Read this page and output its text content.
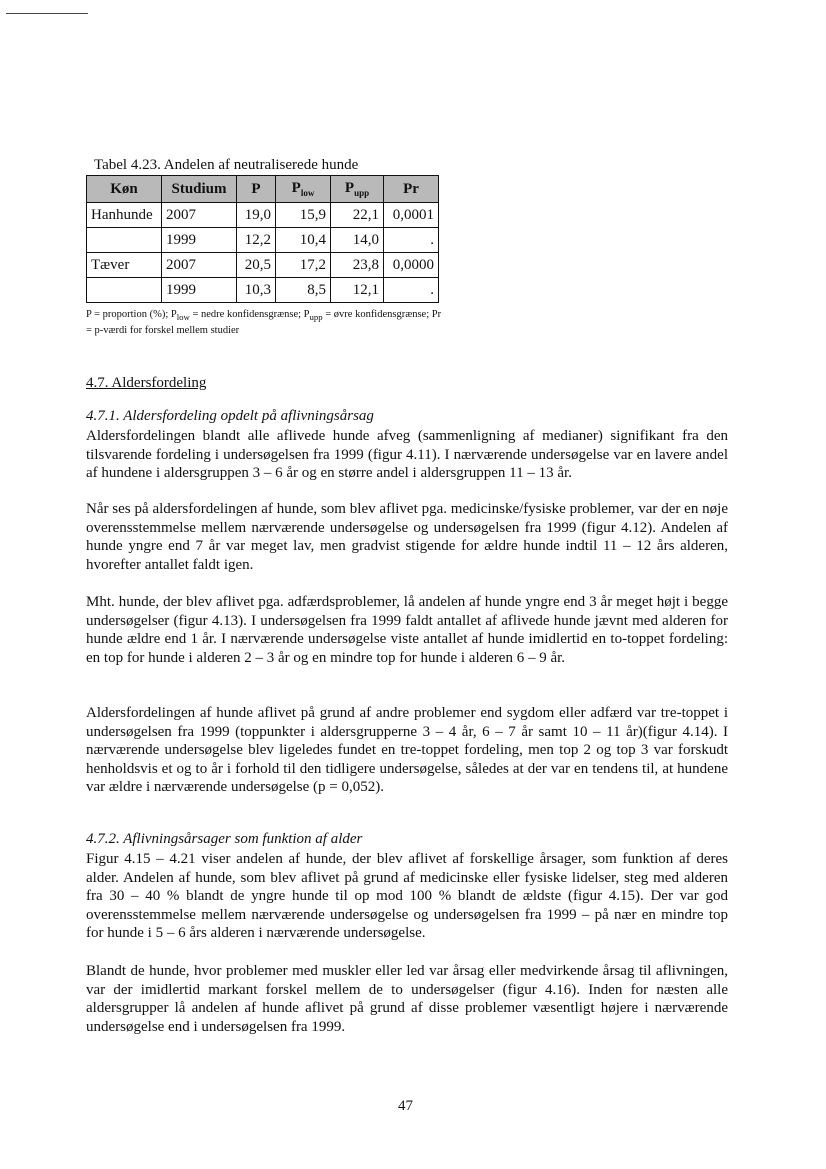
Tabel 4.23. Andelen af neutraliserede hunde
Køn	Studium	P	$P_{low}$	$P_{upp}$	Pr
Hanhunde	2007	19,0	15,9	22,1	0,0001
	1999	12,2	10,4	14,0	.
Tæver	2007	20,5	17,2	23,8	0,0000
	1999	10,3	8,5	12,1	.
P = proportion (%); $P_{low}$ = nedre konfidensgrænse; $P_{upp}$ = øvre konfidensgrænse; Pr = p-værdi for forskel mellem studier
4.7. Aldersfordeling
4.7.1. Aldersfordeling opdelt på aflivningsårsag
Aldersfordelingen blandt alle aflivede hunde afveg (sammenligning af medianer) signifikant fra den tilsvarende fordeling i undersøgelsen fra 1999 (figur 4.11). I nærværende undersøgelse var en lavere andel af hundene i aldersgruppen 3 – 6 år og en større andel i aldersgruppen 11 – 13 år.
Når ses på aldersfordelingen af hunde, som blev aflivet pga. medicinske/fysiske problemer, var der en nøje overensstemmelse mellem nærværende undersøgelse og undersøgelsen fra 1999 (figur 4.12). Andelen af hunde yngre end 7 år var meget lav, men gradvist stigende for ældre hunde indtil 11 – 12 års alderen, hvorefter antallet faldt igen.
Mht. hunde, der blev aflivet pga. adfærdsproblemer, lå andelen af hunde yngre end 3 år meget højt i begge undersøgelser (figur 4.13). I undersøgelsen fra 1999 faldt antallet af aflivede hunde jævnt med alderen for hunde ældre end 1 år. I nærværende undersøgelse viste antallet af hunde imidlertid en to-toppet fordeling: en top for hunde i alderen 2 – 3 år og en mindre top for hunde i alderen 6 – 9 år.
Aldersfordelingen af hunde aflivet på grund af andre problemer end sygdom eller adfærd var tre-toppet i undersøgelsen fra 1999 (toppunkter i aldersgrupperne 3 – 4 år, 6 – 7 år samt 10 – 11 år)(figur 4.14). I nærværende undersøgelse blev ligeledes fundet en tre-toppet fordeling, men top 2 og top 3 var forskudt henholdsvis et og to år i forhold til den tidligere undersøgelse, således at der var en tendens til, at hundene var ældre i nærværende undersøgelse (p = 0,052).
4.7.2. Aflivningsårsager som funktion af alder
Figur 4.15 – 4.21 viser andelen af hunde, der blev aflivet af forskellige årsager, som funktion af deres alder. Andelen af hunde, som blev aflivet på grund af medicinske eller fysiske lidelser, steg med alderen fra 30 – 40 % blandt de yngre hunde til op mod 100 % blandt de ældste (figur 4.15). Der var god overensstemmelse mellem nærværende undersøgelse og undersøgelsen fra 1999 – på nær en mindre top for hunde i 5 – 6 års alderen i nærværende undersøgelse.
Blandt de hunde, hvor problemer med muskler eller led var årsag eller medvirkende årsag til aflivningen, var der imidlertid markant forskel mellem de to undersøgelser (figur 4.16). Inden for næsten alle aldersgrupper lå andelen af hunde aflivet på grund af disse problemer væsentligt højere i nærværende undersøgelse end i undersøgelsen fra 1999.
47
